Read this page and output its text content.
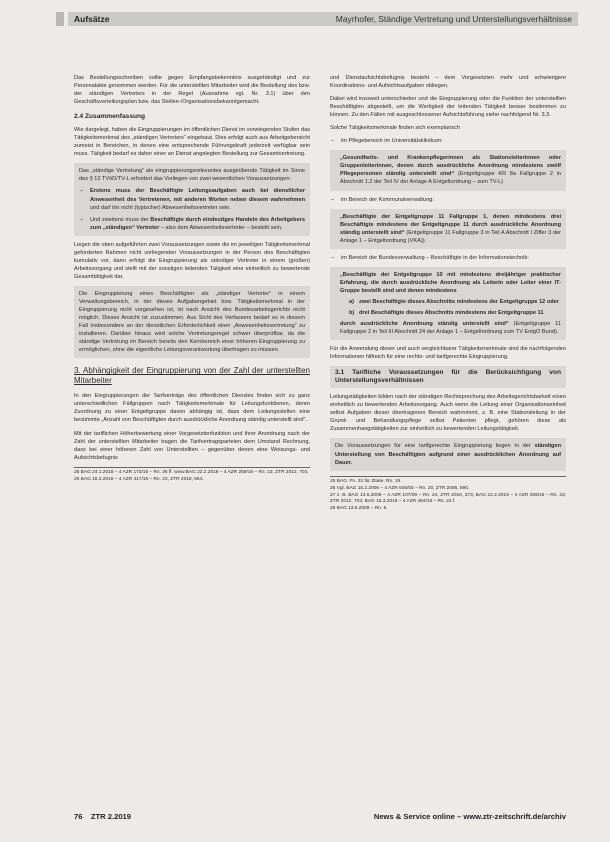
Aufsätze	Mayrhofer, Ständige Vertretung und Unterstellungsverhältnisse

Das Bestellungsschreiben sollte gegen Empfangsbekenntnis ausgehändigt und zur Personalakte genommen werden. Für die unterstellten Mitarbeiter wird die Bestellung des bzw. der ständigen Vertreters in der Regel (Ausnahme vgl. Nr. 3.1) über den Geschäftsverteilungsplan bzw. das Stellen-/Organisationsbekanntgemacht.

2.4 Zusammenfassung

Wie dargelegt, haben die Eingruppierungen im öffentlichen Dienst im vorwiegenden Stufen das Tätigkeitsmerkmal des „ständigen Vertreters“ eingebaut. Dies erfolgt auch aus Arbeitgebersicht zumeist in Bereichen, in denen eine entsprechende Führungskraft jederzeit verfügbar sein muss. Tätigkeit bedarf es daher einer an Dienst angelegten Bestellung zur Gesamtvertretung.

Das „ständige Vertretung“ als eingruppierungsrelevantes ausgeübende Tätigkeit im Sinne des § 12 TVöD/TV-L erfordert das Vorliegen von zwei wesentlichen Voraussetzungen:

– Erstens muss der Beschäftigte Leitungsaufgaben auch bei dienstlicher Anwesenheit des Vertretenen, mit anderen Worten neben diesem wahrnehmen und darf ihn nicht (typischer) Abwesenheitsvertreter sein.
– Und zweitens muss der Beschäftigte durch eindeutiges Handeln des Arbeitgebers zum „ständigen“ Vertreter – also dem Abwesenheitsvertreter – bestellt sein.

Liegen die oben aufgeführten zwei Voraussetzungen sowie die im jeweiligen Tätigkeitsmerkmal geforderten Rahmen nicht vorliegenden Voraussetzungen in der Person des Beschäftigten kumulativ vor, dann erfolgt die Eingruppierung als ständiger Vertreter in einem (großen) Arbeitsvorgang und stellt mit der sonstigen leitenden Tätigkeit eine einheitlich zu bewertende Gesamttätigkeit dar.

Die Eingruppierung eines Beschäftigten als „ständiger Vertreter“ in einem Verwaltungsbereich, in der dieses Aufgabengebiet bzw. Tätigkeitsmerkmal in der Eingruppierung nicht vorgesehen ist, ist nach Ansicht des Bundesarbeitsgerichts nicht möglich. Dieses Ansicht ist zuzustimmen. Aus Sicht des Verfassers bedarf es in diesem Fall insbesondere an der dienstlichen Erforderlichkeit einer „Anwesenheitsvertretung“ zu installieren. Darüber hinaus wird solche Vertretungsregel schwer überprüfbar, da die ständige Vertretung im Bereich bereits den Kernbereich einer höheren Eingruppierung zu ermöglichen, ohne die eigentliche Leitungsverantwortung übertragen zu müssen.

3. Abhängigkeit der Eingruppierung von der Zahl der unterstellten Mitarbeiter

In den Eingruppierungen der Tarifverträge des öffentlichen Dienstes finden sich zu ganz unterschiedlichen Fällgruppen nach Tätigkeitsmerkmale für Leitungsfunktionen, deren Zuordnung zu einer Entgeltgruppe davon abhängig ist, dass dem Leitungsstellen eine bestimmte „Anzahl von Beschäftigten durch ausdrückliche Anordnung ständig unterstellt sind“.

Mit der tariflichen Höherbewertung einer Vorgesetztenfunktion und ihrer Anordnung nach der Zahl der unterstellten Mitarbeiter tragen die Tarifvertragsparteien dem Umstand Rechnung, dass bei einer höheren Zahl von Unterstellten – gegenüber denen eine Weisungs- und Aufsichtsbefugnis

25 BAG 24.1.2018 – 4 AZR 173/16 – Rn. 36 ff. www.BAG 22.2.2018 – 4 AZR 259/16 – Rn. 23, ZTR 2012, 703.
26 BAG 15.3.2018 – 4 AZR 417/16 – Rn. 23, ZTR 2018, 664.

und Dienstaufsichtsbefugnis besteht – dem Vorgesetzten mehr und schwierigere Koordinations- und Aufsichtsaufgaben obliegen.

Dabei wird insoweit unterschieden und die Eingruppierung oder die Funktion der unterstellten Beschäftigten abgestellt, um die Wertigkeit der leitenden Tätigkeit besser bestimmen zu können. Zu den Fällen mit ausgeschlossener Aufsichtsführung siehe nachfolgend Nr. 3.3.

Solche Tätigkeitsmerkmale finden sich exemplarisch

– im Pflegebereich im Universitätsklinikum:
„Gesundheits- und Krankenpflegerinnen als Stationsleiterinnen oder Gruppenleiterinnen, denen durch ausdrückliche Anordnung mindestens zwölf Pflegepersonen ständig unterstellt sind“ (Entgeltgruppe KR 8a Fallgruppe 2 in Abschnitt 1.2 der Teil IV der Anlage A Entgeltordnung – zum TV-L)
– im Bereich der Kommunalverwaltung:
„Beschäftigte der Entgeltgruppe 11 Fallgruppe 1, denen mindestens drei Beschäftigte mindestens der Entgeltgruppe 11 durch ausdrückliche Anordnung ständig unterstellt sind“ (Entgeltgruppe 11 Fallgruppe 3 in Teil A Abschnitt I Ziffer 3 der Anlage 1 – Entgeltordnung (VKA)).
– im Bereich der Bundesverwaltung – Beschäftigte in der Informationstechnik:

„Beschäftigte der Entgeltgruppe 10 mit mindestens dreijähriger praktischer Erfahrung, die durch ausdrückliche Anordnung als Leiterin oder Leiter einer IT-Gruppe bestellt sind und denen mindestens

a) zwei Beschäftigte dieses Abschnitts mindestens der Entgeltgruppe 12 oder
b) drei Beschäftigte dieses Abschnitts mindestens der Entgeltgruppe 11
durch ausdrückliche Anordnung ständig unterstellt sind“ (Entgeltgruppe 11 Fallgruppe 2 in Teil III Abschnitt 24 der Anlage 1 – Entgeltordnung zum TV EntgO Bund).

Für die Anwendung dieser und auch vergleichbarer Tätigkeitsmerkmale sind die nachfolgenden Informationen hilfreich für eine rechts- und tarifgerechte Eingruppierung.

3.1 Tarifliche Voraussetzungen für die Berücksichtigung von Unterstellungsverhältnissen

Leitungstätigkeiten bilden nach der ständigen Rechtsprechung des Arbeitsgerichtsbarkeit einen einheitlich zu bewertenden Arbeitsvorgang. Auch wenn die Leitung einer Organisationseinheit selbst Aufgaben dieser übertragenen Bereich wahrnimmt, z. B. eine Stationsleitung in der Grund- und Behandlungspflege selbst Patienten pflegt, gehören diese als Zusammenhangstätigkeiten zur einheitlich zu bewertenden Leitungstätigkeit.

Die Voraussetzungen für eine tarifgerechte Eingruppierung liegen in der ständigen Unterstellung von Beschäftigten aufgrund einer ausdrücklichen Anordnung auf Dauer.
25 BAG, Fn. 22 für Zitate, Rn. 19.
26 Vgl. BAG 15.2.2006 – 4 AZR 645/05 – Rn. 20, ZTR 2006, 590.
27 z. B. BAG 13.5.2009 – 4 AZR 107/08 – Rn. 24, ZTR 2010, 373; BAG 22.2.2018 – 4 AZR 259/16 – Rn. 23; ZTR 2012, 703; BAG 15.3.2018 – 4 AZR 484/16 – Rn. 22 f.
28 BAG 13.5.2009 – Rn. 6.
76 ZTR 2.2019	News & Service online – www.ztr-zeitschrift.de/archiv
